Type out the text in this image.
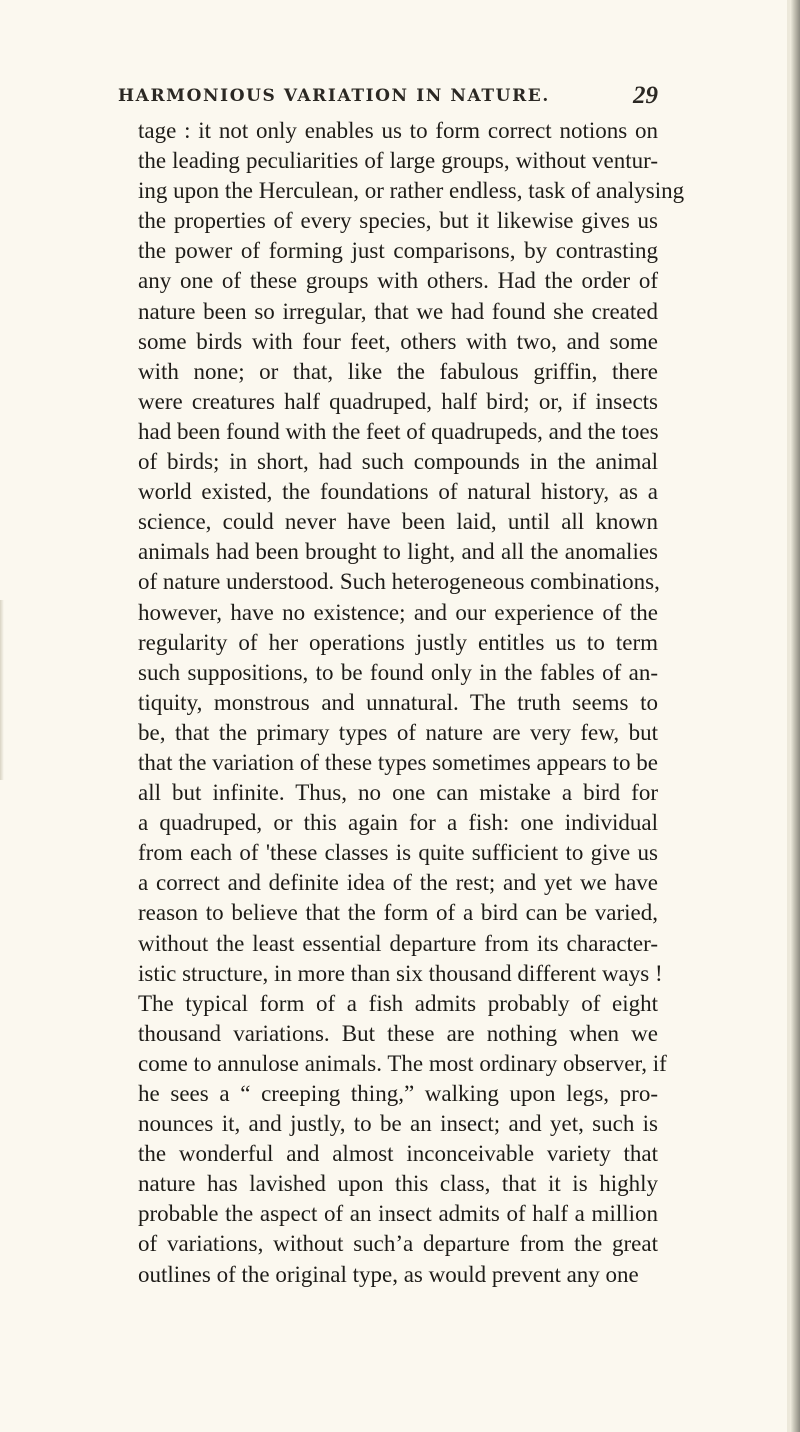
HARMONIOUS VARIATION IN NATURE.	29
tage : it not only enables us to form correct notions on
the leading peculiarities of large groups, without ventur-
ing upon the Herculean, or rather endless, task of analysing
the properties of every species, but it likewise gives us
the power of forming just comparisons, by contrasting
any one of these groups with others. Had the order of
nature been so irregular, that we had found she created
some birds with four feet, others with two, and some
with none; or that, like the fabulous griffin, there
were creatures half quadruped, half bird; or, if insects
had been found with the feet of quadrupeds, and the toes
of birds; in short, had such compounds in the animal
world existed, the foundations of natural history, as a
science, could never have been laid, until all known
animals had been brought to light, and all the anomalies
of nature understood. Such heterogeneous combinations,
however, have no existence; and our experience of the
regularity of her operations justly entitles us to term
such suppositions, to be found only in the fables of an-
tiquity, monstrous and unnatural. The truth seems to
be, that the primary types of nature are very few, but
that the variation of these types sometimes appears to be
all but infinite. Thus, no one can mistake a bird for
a quadruped, or this again for a fish: one individual
from each of 'these classes is quite sufficient to give us
a correct and definite idea of the rest; and yet we have
reason to believe that the form of a bird can be varied,
without the least essential departure from its character-
istic structure, in more than six thousand different ways !
The typical form of a fish admits probably of eight
thousand variations. But these are nothing when we
come to annulose animals. The most ordinary observer, if
he sees a “ creeping thing,” walking upon legs, pro-
nounces it, and justly, to be an insect; and yet, such is
the wonderful and almost inconceivable variety that
nature has lavished upon this class, that it is highly
probable the aspect of an insect admits of half a million
of variations, without such’a departure from the great
outlines of the original type, as would prevent any one
